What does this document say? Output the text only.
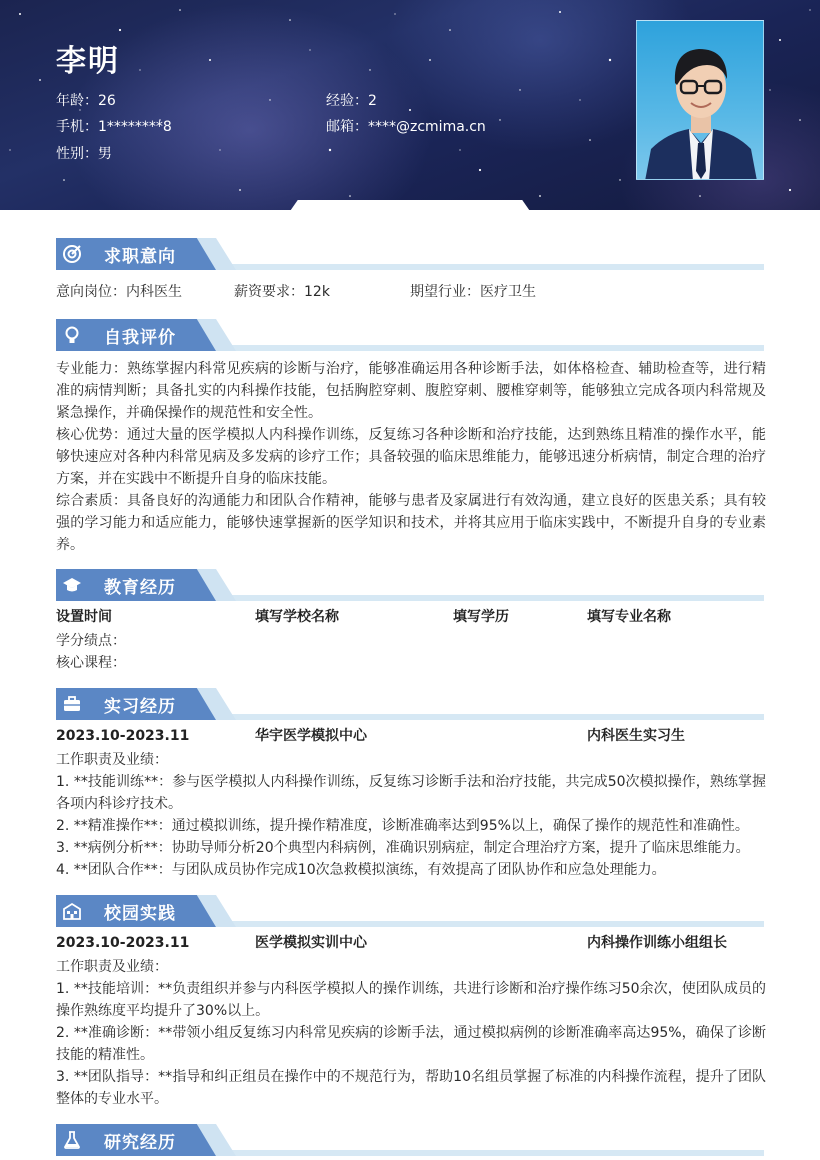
李明
年龄：26	经验：2
手机：1********8	邮箱：****@zcmima.cn
性别：男
求职意向
意向岗位：内科医生	薪资要求：12k	期望行业：医疗卫生
自我评价
专业能力：熟练掌握内科常见疾病的诊断与治疗，能够准确运用各种诊断手法，如体格检查、辅助检查等，进行精准的病情判断；具备扎实的内科操作技能，包括胸腔穿刺、腹腔穿刺、腰椎穿刺等，能够独立完成各项内科常规及紧急操作，并确保操作的规范性和安全性。
核心优势：通过大量的医学模拟人内科操作训练，反复练习各种诊断和治疗技能，达到熟练且精准的操作水平，能够快速应对各种内科常见病及多发病的诊疗工作；具备较强的临床思维能力，能够迅速分析病情，制定合理的治疗方案，并在实践中不断提升自身的临床技能。
综合素质：具备良好的沟通能力和团队合作精神，能够与患者及家属进行有效沟通，建立良好的医患关系；具有较强的学习能力和适应能力，能够快速掌握新的医学知识和技术，并将其应用于临床实践中，不断提升自身的专业素养。
教育经历
设置时间	填写学校名称	填写学历	填写专业名称
学分绩点：
核心课程：
实习经历
2023.10-2023.11	华宇医学模拟中心	内科医生实习生
工作职责及业绩：
1. **技能训练**：参与医学模拟人内科操作训练，反复练习诊断手法和治疗技能，共完成50次模拟操作，熟练掌握各项内科诊疗技术。
2. **精准操作**：通过模拟训练，提升操作精准度，诊断准确率达到95%以上，确保了操作的规范性和准确性。
3. **病例分析**：协助导师分析20个典型内科病例，准确识别病症，制定合理治疗方案，提升了临床思维能力。
4. **团队合作**：与团队成员协作完成10次急救模拟演练，有效提高了团队协作和应急处理能力。
校园实践
2023.10-2023.11	医学模拟实训中心	内科操作训练小组组长
工作职责及业绩：
1. **技能培训：**负责组织并参与内科医学模拟人的操作训练，共进行诊断和治疗操作练习50余次，使团队成员的操作熟练度平均提升了30%以上。
2. **准确诊断：**带领小组反复练习内科常见疾病的诊断手法，通过模拟病例的诊断准确率高达95%，确保了诊断技能的精准性。
3. **团队指导：**指导和纠正组员在操作中的不规范行为，帮助10名组员掌握了标准的内科操作流程，提升了团队整体的专业水平。
研究经历
